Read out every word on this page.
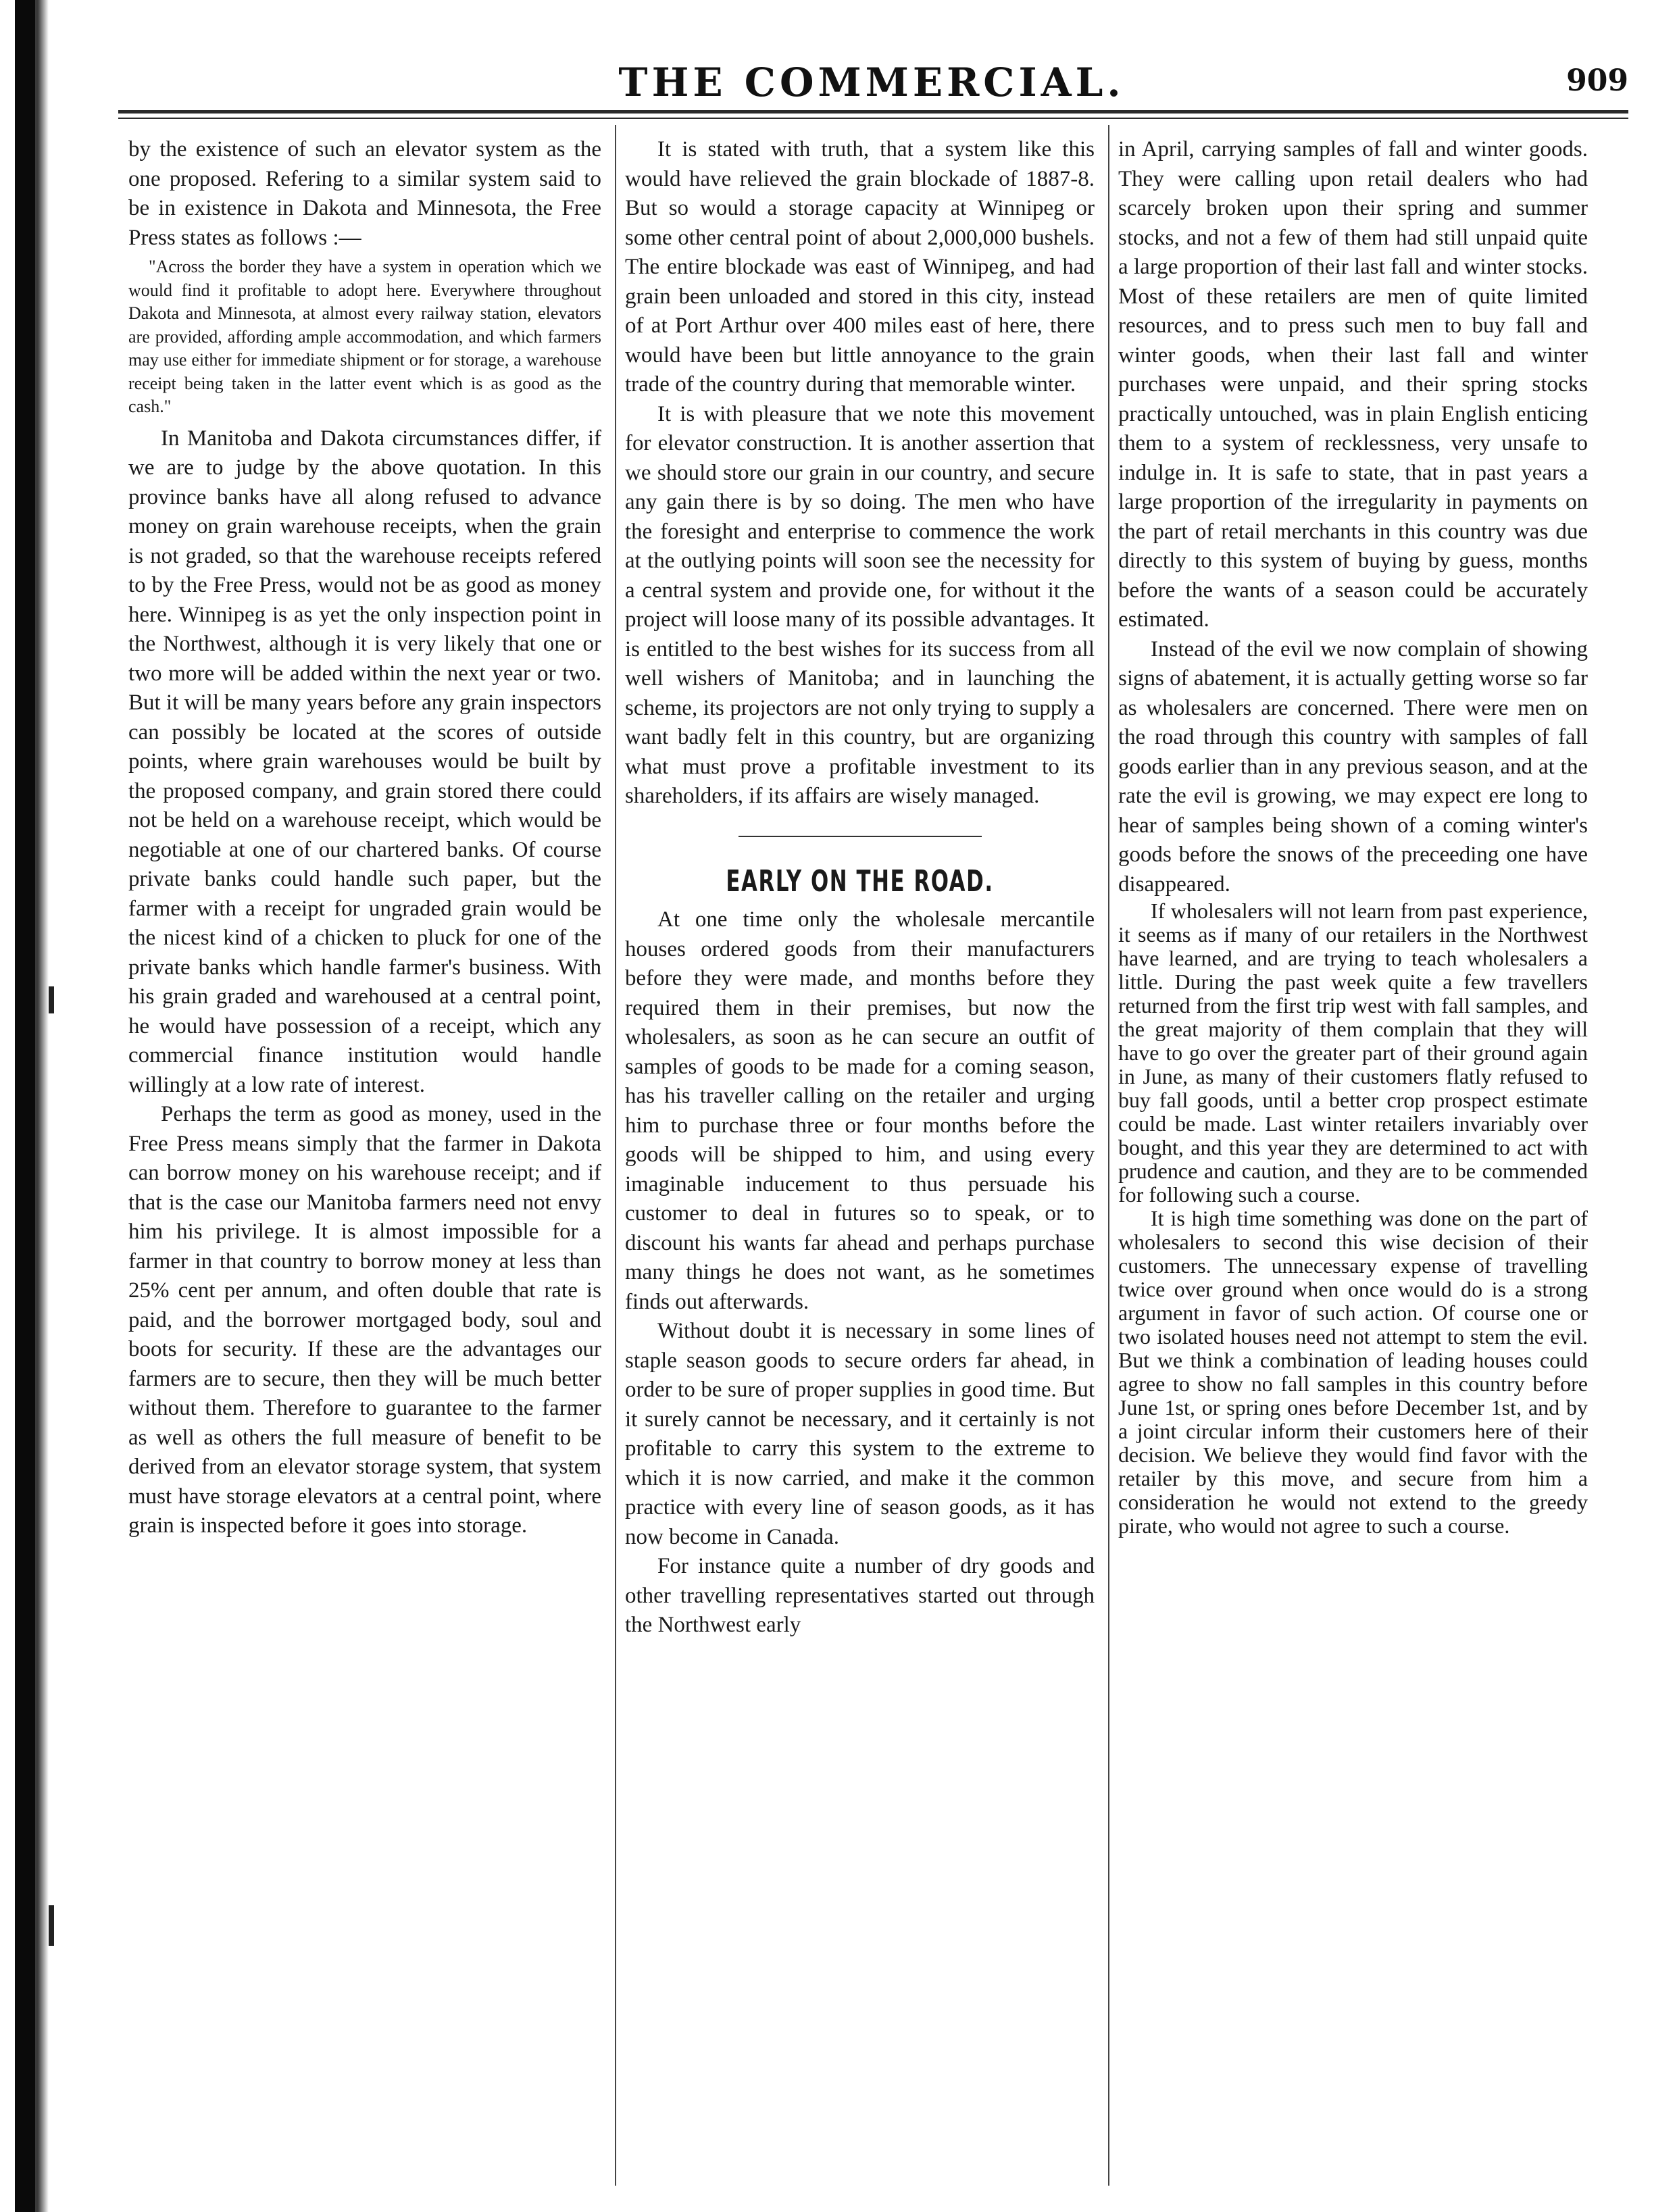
THE COMMERCIAL.	909

by the existence of such an elevator system as the one proposed. Refering to a similar system said to be in existence in Dakota and Minnesota, the Free Press states as follows :—

"Across the border they have a system in operation which we would find it profitable to adopt here. Everywhere throughout Dakota and Minnesota, at almost every railway station, elevators are provided, affording ample accommodation, and which farmers may use either for immediate shipment or for storage, a warehouse receipt being taken in the latter event which is as good as the cash."

In Manitoba and Dakota circumstances differ, if we are to judge by the above quotation. In this province banks have all along refused to advance money on grain warehouse receipts, when the grain is not graded, so that the warehouse receipts refered to by the Free Press, would not be as good as money here. Winnipeg is as yet the only inspection point in the Northwest, although it is very likely that one or two more will be added within the next year or two. But it will be many years before any grain inspectors can possibly be located at the scores of outside points, where grain warehouses would be built by the proposed company, and grain stored there could not be held on a warehouse receipt, which would be negotiable at one of our chartered banks. Of course private banks could handle such paper, but the farmer with a receipt for ungraded grain would be the nicest kind of a chicken to pluck for one of the private banks which handle farmer's business. With his grain graded and warehoused at a central point, he would have possession of a receipt, which any commercial finance institution would handle willingly at a low rate of interest.

Perhaps the term as good as money, used in the Free Press means simply that the farmer in Dakota can borrow money on his warehouse receipt; and if that is the case our Manitoba farmers need not envy him his privilege. It is almost impossible for a farmer in that country to borrow money at less than 25% cent per annum, and often double that rate is paid, and the borrower mortgaged body, soul and boots for security. If these are the advantages our farmers are to secure, then they will be much better without them. Therefore to guarantee to the farmer as well as others the full measure of benefit to be derived from an elevator storage system, that system must have storage elevators at a central point, where grain is inspected before it goes into storage.

It is stated with truth, that a system like this would have relieved the grain blockade of 1887-8. But so would a storage capacity at Winnipeg or some other central point of about 2,000,000 bushels. The entire blockade was east of Winnipeg, and had grain been unloaded and stored in this city, instead of at Port Arthur over 400 miles east of here, there would have been but little annoyance to the grain trade of the country during that memorable winter.

It is with pleasure that we note this movement for elevator construction. It is another assertion that we should store our grain in our country, and secure any gain there is by so doing. The men who have the foresight and enterprise to commence the work at the outlying points will soon see the necessity for a central system and provide one, for without it the project will loose many of its possible advantages. It is entitled to the best wishes for its success from all well wishers of Manitoba; and in launching the scheme, its projectors are not only trying to supply a want badly felt in this country, but are organizing what must prove a profitable investment to its shareholders, if its affairs are wisely managed.

EARLY ON THE ROAD.

At one time only the wholesale mercantile houses ordered goods from their manufacturers before they were made, and months before they required them in their premises, but now the wholesalers, as soon as he can secure an outfit of samples of goods to be made for a coming season, has his traveller calling on the retailer and urging him to purchase three or four months before the goods will be shipped to him, and using every imaginable inducement to thus persuade his customer to deal in futures so to speak, or to discount his wants far ahead and perhaps purchase many things he does not want, as he sometimes finds out afterwards.

Without doubt it is necessary in some lines of staple season goods to secure orders far ahead, in order to be sure of proper supplies in good time. But it surely cannot be necessary, and it certainly is not profitable to carry this system to the extreme to which it is now carried, and make it the common practice with every line of season goods, as it has now become in Canada.

For instance quite a number of dry goods and other travelling representatives started out through the Northwest early

in April, carrying samples of fall and winter goods. They were calling upon retail dealers who had scarcely broken upon their spring and summer stocks, and not a few of them had still unpaid quite a large proportion of their last fall and winter stocks. Most of these retailers are men of quite limited resources, and to press such men to buy fall and winter goods, when their last fall and winter purchases were unpaid, and their spring stocks practically untouched, was in plain English enticing them to a system of recklessness, very unsafe to indulge in. It is safe to state, that in past years a large proportion of the irregularity in payments on the part of retail merchants in this country was due directly to this system of buying by guess, months before the wants of a season could be accurately estimated.

Instead of the evil we now complain of showing signs of abatement, it is actually getting worse so far as wholesalers are concerned. There were men on the road through this country with samples of fall goods earlier than in any previous season, and at the rate the evil is growing, we may expect ere long to hear of samples being shown of a coming winter's goods before the snows of the preceeding one have disappeared.

If wholesalers will not learn from past experience, it seems as if many of our retailers in the Northwest have learned, and are trying to teach wholesalers a little. During the past week quite a few travellers returned from the first trip west with fall samples, and the great majority of them complain that they will have to go over the greater part of their ground again in June, as many of their customers flatly refused to buy fall goods, until a better crop prospect estimate could be made. Last winter retailers invariably over bought, and this year they are determined to act with prudence and caution, and they are to be commended for following such a course.

It is high time something was done on the part of wholesalers to second this wise decision of their customers. The unnecessary expense of travelling twice over ground when once would do is a strong argument in favor of such action. Of course one or two isolated houses need not attempt to stem the evil. But we think a combination of leading houses could agree to show no fall samples in this country before June 1st, or spring ones before December 1st, and by a joint circular inform their customers here of their decision. We believe they would find favor with the retailer by this move, and secure from him a consideration he would not extend to the greedy pirate, who would not agree to such a course.
